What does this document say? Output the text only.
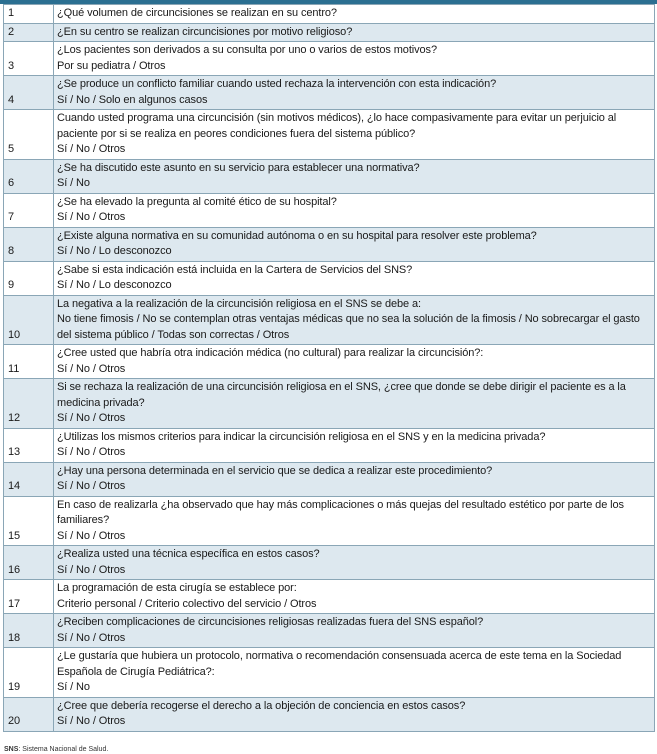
1	¿Qué volumen de circuncisiones se realizan en su centro?

2	¿En su centro se realizan circuncisiones por motivo religioso?

3	¿Los pacientes son derivados a su consulta por uno o varios de estos motivos?
Por su pediatra / Otros

4	¿Se produce un conflicto familiar cuando usted rechaza la intervención con esta indicación?
Sí / No / Solo en algunos casos

5	Cuando usted programa una circuncisión (sin motivos médicos), ¿lo hace compasivamente para evitar un perjuicio al paciente por si se realiza en peores condiciones fuera del sistema público?
Sí / No / Otros

6	¿Se ha discutido este asunto en su servicio para establecer una normativa?
Sí / No

7	¿Se ha elevado la pregunta al comité ético de su hospital?
Sí / No / Otros

8	¿Existe alguna normativa en su comunidad autónoma o en su hospital para resolver este problema?
Sí / No / Lo desconozco

9	¿Sabe si esta indicación está incluida en la Cartera de Servicios del SNS?
Sí / No / Lo desconozco

10	La negativa a la realización de la circuncisión religiosa en el SNS se debe a:
No tiene fimosis / No se contemplan otras ventajas médicas que no sea la solución de la fimosis / No sobrecargar el gasto del sistema público / Todas son correctas / Otros

11	¿Cree usted que habría otra indicación médica (no cultural) para realizar la circuncisión?:
Sí / No / Otros

12	Si se rechaza la realización de una circuncisión religiosa en el SNS, ¿cree que donde se debe dirigir el paciente es a la medicina privada?
Sí / No / Otros

13	¿Utilizas los mismos criterios para indicar la circuncisión religiosa en el SNS y en la medicina privada?
Sí / No / Otros

14	¿Hay una persona determinada en el servicio que se dedica a realizar este procedimiento?
Sí / No / Otros

15	En caso de realizarla ¿ha observado que hay más complicaciones o más quejas del resultado estético por parte de los familiares?
Sí / No / Otros

16	¿Realiza usted una técnica específica en estos casos?
Sí / No / Otros

17	La programación de esta cirugía se establece por:
Criterio personal / Criterio colectivo del servicio / Otros

18	¿Reciben complicaciones de circuncisiones religiosas realizadas fuera del SNS español?
Sí / No / Otros

19	¿Le gustaría que hubiera un protocolo, normativa o recomendación consensuada acerca de este tema en la Sociedad Española de Cirugía Pediátrica?:
Sí / No

20	¿Cree que debería recogerse el derecho a la objeción de conciencia en estos casos?
Sí / No / Otros
SNS: Sistema Nacional de Salud.
